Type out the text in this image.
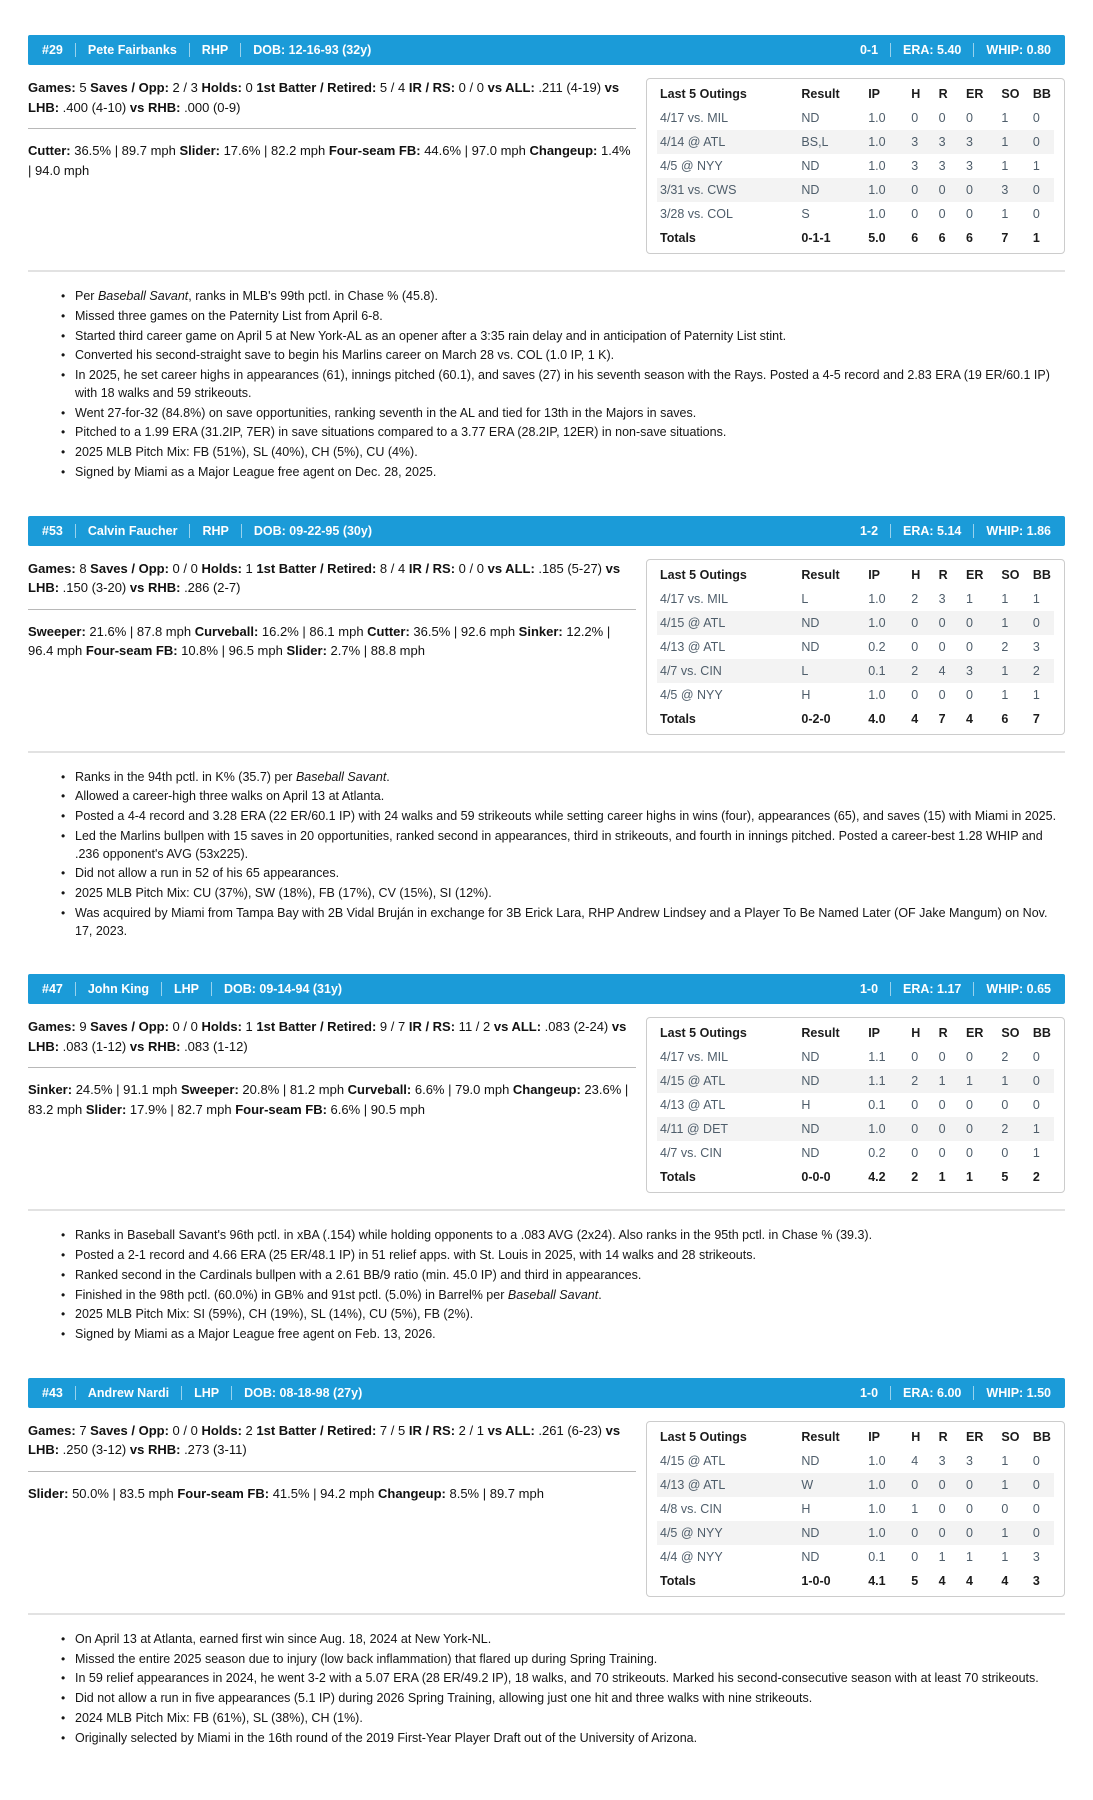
#29 Pete Fairbanks RHP DOB: 12-16-93 (32y)	0-1 ERA: 5.40 WHIP: 0.80

Games: 5 Saves / Opp: 2 / 3 Holds: 0 1st Batter / Retired: 5 / 4 IR / RS: 0 / 0 vs ALL: .211 (4-19) vs LHB: .400 (4-10) vs RHB: .000 (0-9)

Cutter: 36.5% | 89.7 mph Slider: 17.6% | 82.2 mph Four-seam FB: 44.6% | 97.0 mph Changeup: 1.4% | 94.0 mph

Last 5 Outings	Result	IP	H	R	ER	SO	BB
4/17 vs. MIL	ND	1.0	0	0	0	1	0
4/14 @ ATL	BS,L	1.0	3	3	3	1	0
4/5 @ NYY	ND	1.0	3	3	3	1	1
3/31 vs. CWS	ND	1.0	0	0	0	3	0
3/28 vs. COL	S	1.0	0	0	0	1	0
Totals	0-1-1	5.0	6	6	6	7	1
• Per Baseball Savant, ranks in MLB's 99th pctl. in Chase % (45.8).
• Missed three games on the Paternity List from April 6-8.
• Started third career game on April 5 at New York-AL as an opener after a 3:35 rain delay and in anticipation of Paternity List stint.
• Converted his second-straight save to begin his Marlins career on March 28 vs. COL (1.0 IP, 1 K).
• In 2025, he set career highs in appearances (61), innings pitched (60.1), and saves (27) in his seventh season with the Rays. Posted a 4-5 record and 2.83 ERA (19 ER/60.1 IP) with 18 walks and 59 strikeouts.
• Went 27-for-32 (84.8%) on save opportunities, ranking seventh in the AL and tied for 13th in the Majors in saves.
• Pitched to a 1.99 ERA (31.2IP, 7ER) in save situations compared to a 3.77 ERA (28.2IP, 12ER) in non-save situations.
• 2025 MLB Pitch Mix: FB (51%), SL (40%), CH (5%), CU (4%).
• Signed by Miami as a Major League free agent on Dec. 28, 2025.
#53 Calvin Faucher RHP DOB: 09-22-95 (30y)	1-2 ERA: 5.14 WHIP: 1.86

Games: 8 Saves / Opp: 0 / 0 Holds: 1 1st Batter / Retired: 8 / 4 IR / RS: 0 / 0 vs ALL: .185 (5-27) vs LHB: .150 (3-20) vs RHB: .286 (2-7)

Sweeper: 21.6% | 87.8 mph Curveball: 16.2% | 86.1 mph Cutter: 36.5% | 92.6 mph Sinker: 12.2% | 96.4 mph Four-seam FB: 10.8% | 96.5 mph Slider: 2.7% | 88.8 mph

Last 5 Outings	Result	IP	H	R	ER	SO	BB
4/17 vs. MIL	L	1.0	2	3	1	1	1
4/15 @ ATL	ND	1.0	0	0	0	1	0
4/13 @ ATL	ND	0.2	0	0	0	2	3
4/7 vs. CIN	L	0.1	2	4	3	1	2
4/5 @ NYY	H	1.0	0	0	0	1	1
Totals	0-2-0	4.0	4	7	4	6	7
• Ranks in the 94th pctl. in K% (35.7) per Baseball Savant.
• Allowed a career-high three walks on April 13 at Atlanta.
• Posted a 4-4 record and 3.28 ERA (22 ER/60.1 IP) with 24 walks and 59 strikeouts while setting career highs in wins (four), appearances (65), and saves (15) with Miami in 2025.
• Led the Marlins bullpen with 15 saves in 20 opportunities, ranked second in appearances, third in strikeouts, and fourth in innings pitched. Posted a career-best 1.28 WHIP and .236 opponent's AVG (53x225).
• Did not allow a run in 52 of his 65 appearances.
• 2025 MLB Pitch Mix: CU (37%), SW (18%), FB (17%), CV (15%), SI (12%).
• Was acquired by Miami from Tampa Bay with 2B Vidal Bruján in exchange for 3B Erick Lara, RHP Andrew Lindsey and a Player To Be Named Later (OF Jake Mangum) on Nov. 17, 2023.
#47 John King LHP DOB: 09-14-94 (31y)	1-0 ERA: 1.17 WHIP: 0.65

Games: 9 Saves / Opp: 0 / 0 Holds: 1 1st Batter / Retired: 9 / 7 IR / RS: 11 / 2 vs ALL: .083 (2-24) vs LHB: .083 (1-12) vs RHB: .083 (1-12)

Sinker: 24.5% | 91.1 mph Sweeper: 20.8% | 81.2 mph Curveball: 6.6% | 79.0 mph Changeup: 23.6% | 83.2 mph Slider: 17.9% | 82.7 mph Four-seam FB: 6.6% | 90.5 mph

Last 5 Outings	Result	IP	H	R	ER	SO	BB
4/17 vs. MIL	ND	1.1	0	0	0	2	0
4/15 @ ATL	ND	1.1	2	1	1	1	0
4/13 @ ATL	H	0.1	0	0	0	0	0
4/11 @ DET	ND	1.0	0	0	0	2	1
4/7 vs. CIN	ND	0.2	0	0	0	0	1
Totals	0-0-0	4.2	2	1	1	5	2
• Ranks in Baseball Savant's 96th pctl. in xBA (.154) while holding opponents to a .083 AVG (2x24). Also ranks in the 95th pctl. in Chase % (39.3).
• Posted a 2-1 record and 4.66 ERA (25 ER/48.1 IP) in 51 relief apps. with St. Louis in 2025, with 14 walks and 28 strikeouts.
• Ranked second in the Cardinals bullpen with a 2.61 BB/9 ratio (min. 45.0 IP) and third in appearances.
• Finished in the 98th pctl. (60.0%) in GB% and 91st pctl. (5.0%) in Barrel% per Baseball Savant.
• 2025 MLB Pitch Mix: SI (59%), CH (19%), SL (14%), CU (5%), FB (2%).
• Signed by Miami as a Major League free agent on Feb. 13, 2026.
#43 Andrew Nardi LHP DOB: 08-18-98 (27y)	1-0 ERA: 6.00 WHIP: 1.50

Games: 7 Saves / Opp: 0 / 0 Holds: 2 1st Batter / Retired: 7 / 5 IR / RS: 2 / 1 vs ALL: .261 (6-23) vs LHB: .250 (3-12) vs RHB: .273 (3-11)

Slider: 50.0% | 83.5 mph Four-seam FB: 41.5% | 94.2 mph Changeup: 8.5% | 89.7 mph

Last 5 Outings	Result	IP	H	R	ER	SO	BB
4/15 @ ATL	ND	1.0	4	3	3	1	0
4/13 @ ATL	W	1.0	0	0	0	1	0
4/8 vs. CIN	H	1.0	1	0	0	0	0
4/5 @ NYY	ND	1.0	0	0	0	1	0
4/4 @ NYY	ND	0.1	0	1	1	1	3
Totals	1-0-0	4.1	5	4	4	4	3
• On April 13 at Atlanta, earned first win since Aug. 18, 2024 at New York-NL.
• Missed the entire 2025 season due to injury (low back inflammation) that flared up during Spring Training.
• In 59 relief appearances in 2024, he went 3-2 with a 5.07 ERA (28 ER/49.2 IP), 18 walks, and 70 strikeouts. Marked his second-consecutive season with at least 70 strikeouts.
• Did not allow a run in five appearances (5.1 IP) during 2026 Spring Training, allowing just one hit and three walks with nine strikeouts.
• 2024 MLB Pitch Mix: FB (61%), SL (38%), CH (1%).
• Originally selected by Miami in the 16th round of the 2019 First-Year Player Draft out of the University of Arizona.
